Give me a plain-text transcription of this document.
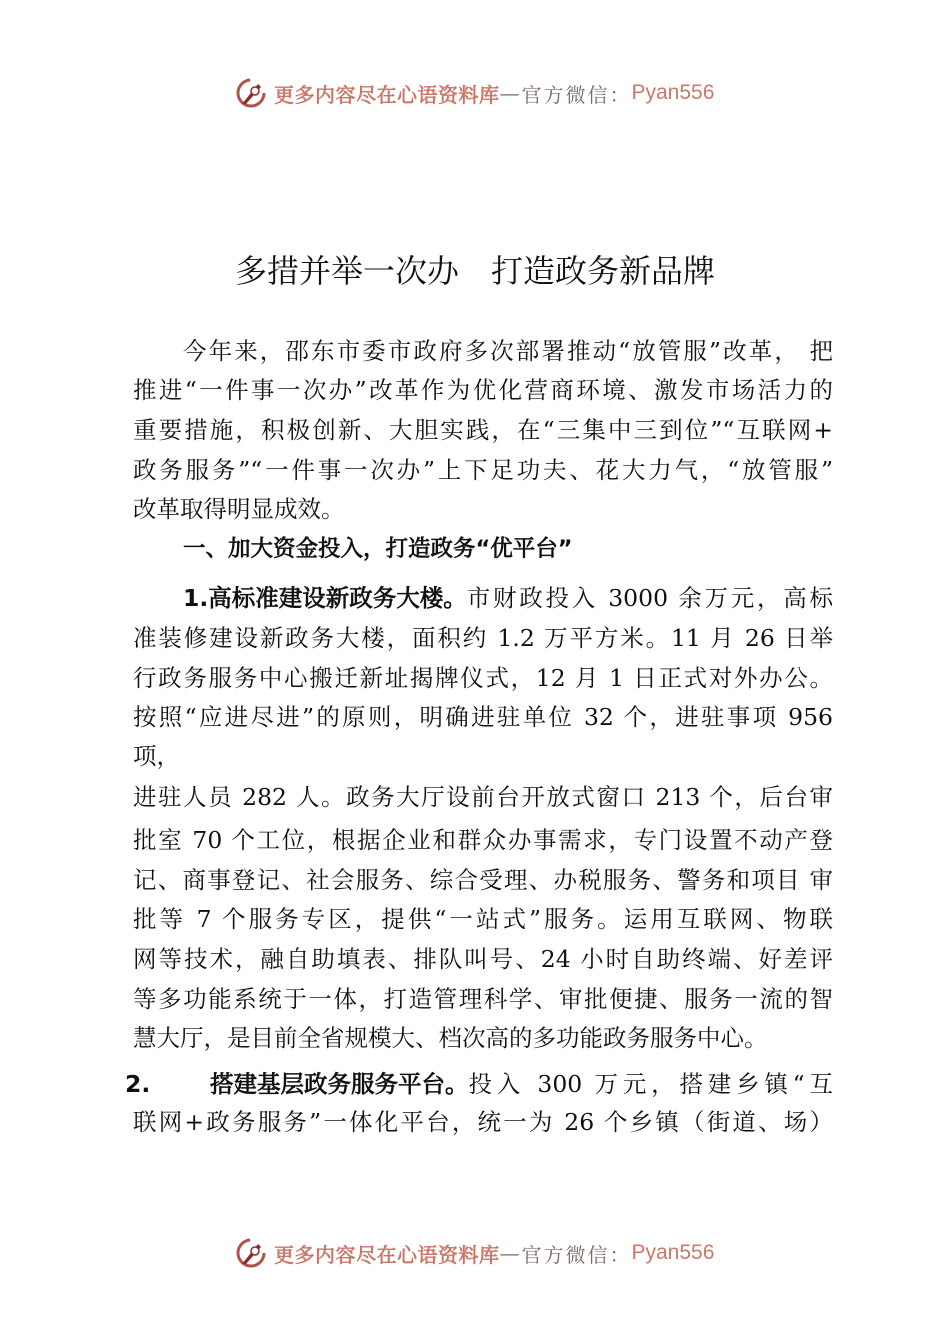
更多内容尽在心语资料库 — 官方微信： Pyan556
多措并举一次办　打造政务新品牌
今年来，邵东市委市政府多次部署推动“放管服”改革， 把
推进“一件事一次办”改革作为优化营商环境、激发市场活力的
重要措施，积极创新、大胆实践，在“三集中三到位”“互联网+
政务服务”“一件事一次办”上下足功夫、花大力气，“放管服”
改革取得明显成效。
一、加大资金投入，打造政务“优平台”
1.高标准建设新政务大楼。 市财政投入 3000 余万元，高标
准装修建设新政务大楼，面积约 1.2 万平方米。11 月 26 日举
行政务服务中心搬迁新址揭牌仪式，12 月 1 日正式对外办公。
按照“应进尽进”的原则，明确进驻单位 32 个，进驻事项 956
项，
进驻人员 282 人。政务大厅设前台开放式窗口 213 个，后台审
批室 70 个工位，根据企业和群众办事需求，专门设置不动产登
记、商事登记、社会服务、综合受理、办税服务、警务和项目 审
批等 7 个服务专区，提供“一站式”服务。运用互联网、物联
网等技术，融自助填表、排队叫号、24 小时自助终端、好差评
等多功能系统于一体，打造管理科学、审批便捷、服务一流的智
慧大厅，是目前全省规模大、档次高的多功能政务服务中心。
2.	搭建基层政务服务平台。 投入 300 万元，搭建乡镇“互
联网+政务服务”一体化平台，统一为 26 个乡镇（街道、场）
更多内容尽在心语资料库 — 官方微信： Pyan556
